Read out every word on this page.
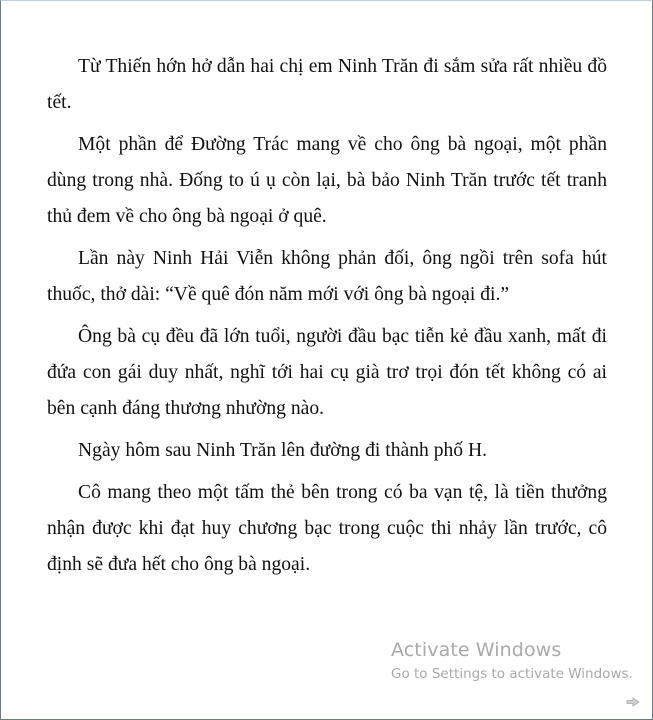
Từ Thiến hớn hở dẫn hai chị em Ninh Trăn đi sắm sửa rất nhiều đồ tết.

Một phần để Đường Trác mang về cho ông bà ngoại, một phần dùng trong nhà. Đống to ú ụ còn lại, bà bảo Ninh Trăn trước tết tranh thủ đem về cho ông bà ngoại ở quê.

Lần này Ninh Hải Viễn không phản đối, ông ngồi trên sofa hút thuốc, thở dài: “Về quê đón năm mới với ông bà ngoại đi.”

Ông bà cụ đều đã lớn tuổi, người đầu bạc tiễn kẻ đầu xanh, mất đi đứa con gái duy nhất, nghĩ tới hai cụ già trơ trọi đón tết không có ai bên cạnh đáng thương nhường nào.

Ngày hôm sau Ninh Trăn lên đường đi thành phố H.

Cô mang theo một tấm thẻ bên trong có ba vạn tệ, là tiền thưởng nhận được khi đạt huy chương bạc trong cuộc thi nhảy lần trước, cô định sẽ đưa hết cho ông bà ngoại.

Activate Windows
Go to Settings to activate Windows.
